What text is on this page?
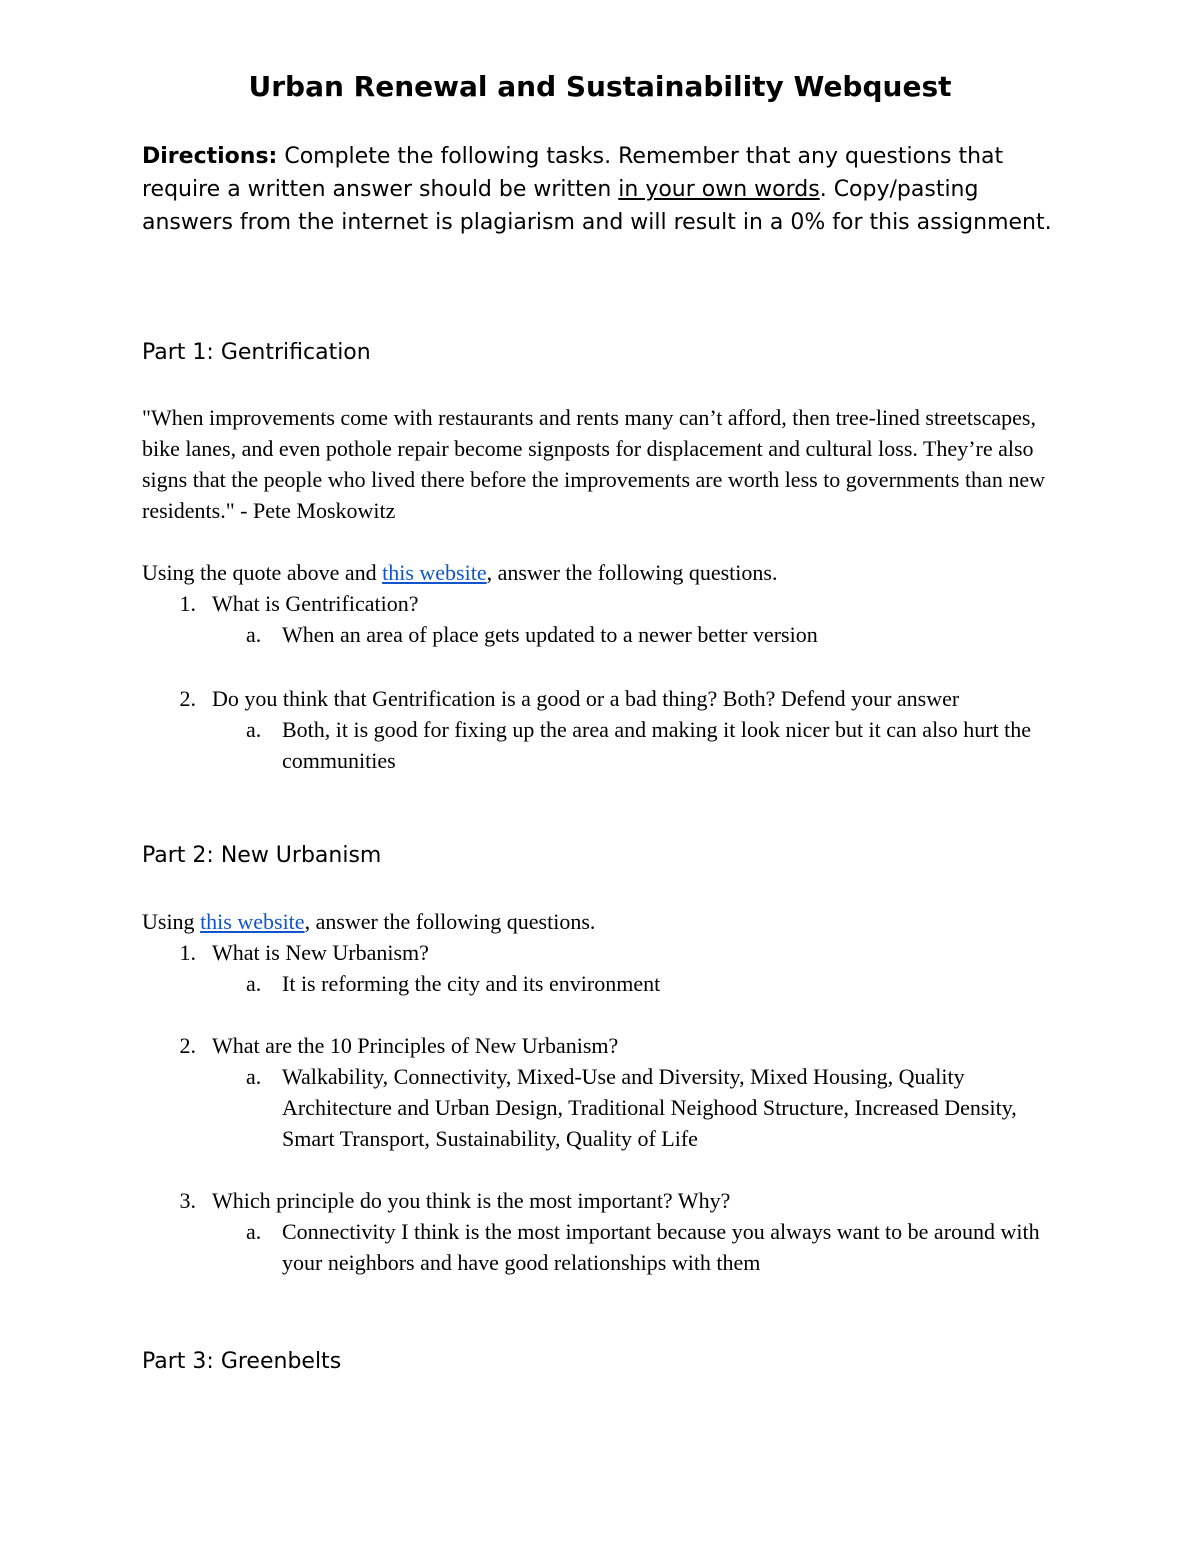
Urban Renewal and Sustainability Webquest

Directions: Complete the following tasks. Remember that any questions that require a written answer should be written in your own words. Copy/pasting answers from the internet is plagiarism and will result in a 0% for this assignment.

Part 1: Gentrification

"When improvements come with restaurants and rents many can’t afford, then tree-lined streetscapes, bike lanes, and even pothole repair become signposts for displacement and cultural loss. They’re also signs that the people who lived there before the improvements are worth less to governments than new residents." - Pete Moskowitz

Using the quote above and this website, answer the following questions.

1. What is Gentrification?
a. When an area of place gets updated to a newer better version
2. Do you think that Gentrification is a good or a bad thing? Both? Defend your answer
a. Both, it is good for fixing up the area and making it look nicer but it can also hurt the communities
Part 2: New Urbanism

Using this website, answer the following questions.

1. What is New Urbanism?
a. It is reforming the city and its environment
2. What are the 10 Principles of New Urbanism?
a. Walkability, Connectivity, Mixed-Use and Diversity, Mixed Housing, Quality Architecture and Urban Design, Traditional Neighood Structure, Increased Density, Smart Transport, Sustainability, Quality of Life
3. Which principle do you think is the most important? Why?
a. Connectivity I think is the most important because you always want to be around with your neighbors and have good relationships with them
Part 3: Greenbelts
